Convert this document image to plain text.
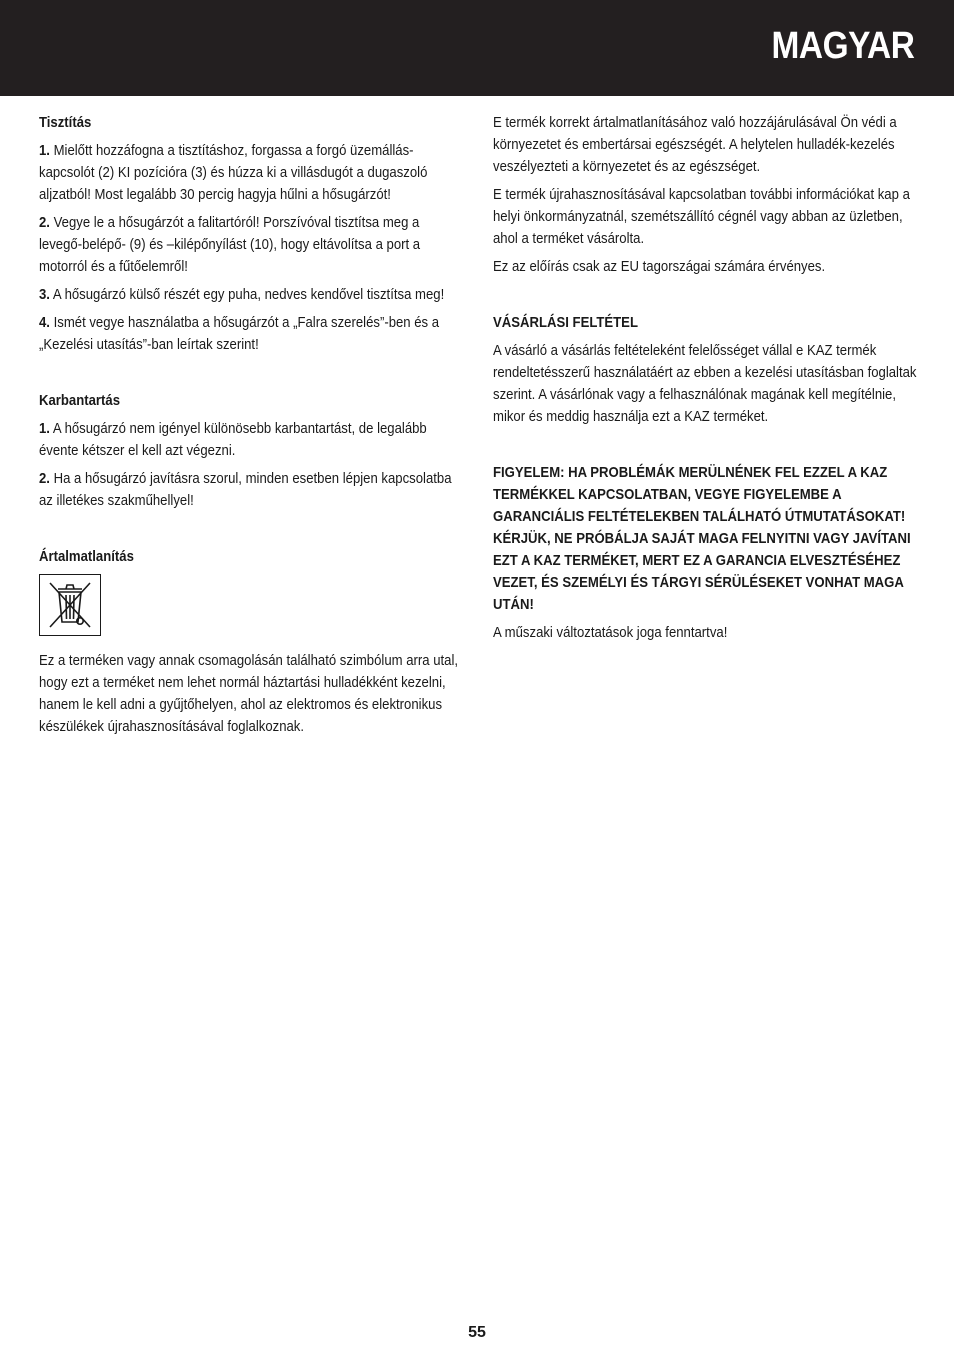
MAGYAR
Tisztítás

1. Mielőtt hozzáfogna a tisztításhoz, forgassa a forgó üzemállás-kapcsolót (2) KI pozícióra (3) és húzza ki a villásdugót a dugaszoló aljzatból! Most legalább 30 percig hagyja hűlni a hősugárzót!

2. Vegye le a hősugárzót a falitartóról! Porszívóval tisztítsa meg a levegő-belépő- (9) és –kilépőnyílást (10), hogy eltávolítsa a port a motorról és a fűtőelemről!

3. A hősugárzó külső részét egy puha, nedves kendővel tisztítsa meg!

4. Ismét vegye használatba a hősugárzót a „Falra szerelés”-ben és a „Kezelési utasítás”-ban leírtak szerint!

Karbantartás

1. A hősugárzó nem igényel különösebb karbantartást, de legalább évente kétszer el kell azt végezni.

2. Ha a hősugárzó javításra szorul, minden esetben lépjen kapcsolatba az illetékes szakműhellyel!

Ártalmatlanítás

Ez a terméken vagy annak csomagolásán található szimbólum arra utal, hogy ezt a terméket nem lehet normál háztartási hulladékként kezelni, hanem le kell adni a gyűjtőhelyen, ahol az elektromos és elektronikus készülékek újrahasznosításával foglalkoznak.

E termék korrekt ártalmatlanításához való hozzájárulásával Ön védi a környezetet és embertársai egészségét. A helytelen hulladék-kezelés veszélyezteti a környezetet és az egészséget.

E termék újrahasznosításával kapcsolatban további információkat kap a helyi önkormányzatnál, szemétszállító cégnél vagy abban az üzletben, ahol a terméket vásárolta.

Ez az előírás csak az EU tagországai számára érvényes.

VÁSÁRLÁSI FELTÉTEL

A vásárló a vásárlás feltételeként felelősséget vállal e KAZ termék rendeltetésszerű használatáért az ebben a kezelési utasításban foglaltak szerint. A vásárlónak vagy a felhasználónak magának kell megítélnie, mikor és meddig használja ezt a KAZ terméket.

FIGYELEM: HA PROBLÉMÁK MERÜLNÉNEK FEL EZZEL A KAZ TERMÉKKEL KAPCSOLATBAN, VEGYE FIGYELEMBE A GARANCIÁLIS FELTÉTELEKBEN TALÁLHATÓ ÚTMUTATÁSOKAT! KÉRJÜK, NE PRÓBÁLJA SAJÁT MAGA FELNYITNI VAGY JAVÍTANI EZT A KAZ TERMÉKET, MERT EZ A GARANCIA ELVESZTÉSÉHEZ VEZET, ÉS SZEMÉLYI ÉS TÁRGYI SÉRÜLÉSEKET VONHAT MAGA UTÁN!

A műszaki változtatások joga fenntartva!

55
